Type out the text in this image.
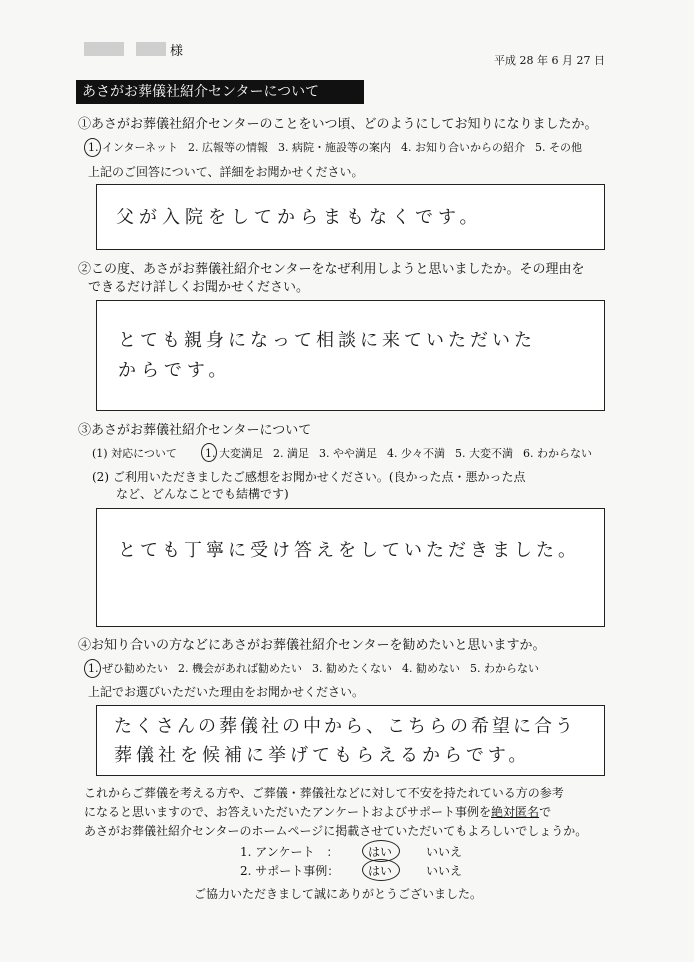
様
平成 28 年 6 月 27 日
あさがお葬儀社紹介センターについて
①あさがお葬儀社紹介センターのことをいつ頃、どのようにしてお知りになりましたか。
1. インターネット 2. 広報等の情報 3. 病院・施設等の案内 4. お知り合いからの紹介 5. その他
上記のご回答について、詳細をお聞かせください。
父が入院をしてからまもなくです。
②この度、あさがお葬儀社紹介センターをなぜ利用しようと思いましたか。その理由を
できるだけ詳しくお聞かせください。
とても親身になって相談に来ていただいた
からです。
③あさがお葬儀社紹介センターについて
(1) 対応について	1. 大変満足 2. 満足 3. やや満足 4. 少々不満 5. 大変不満 6. わからない
(2) ご利用いただきましたご感想をお聞かせください。(良かった点・悪かった点
など、どんなことでも結構です)
とても丁寧に受け答えをしていただきました。
④お知り合いの方などにあさがお葬儀社紹介センターを勧めたいと思いますか。
1. ぜひ勧めたい 2. 機会があれば勧めたい 3. 勧めたくない 4. 勧めない 5. わからない
上記でお選びいただいた理由をお聞かせください。
たくさんの葬儀社の中から、こちらの希望に合う
葬儀社を候補に挙げてもらえるからです。
これからご葬儀を考える方や、ご葬儀・葬儀社などに対して不安を持たれている方の参考
になると思いますので、お答えいただいたアンケートおよびサポート事例を絶対匿名で
あさがお葬儀社紹介センターのホームページに掲載させていただいてもよろしいでしょうか。
1. アンケート　： はい	いいえ
2. サポート事例： はい	いいえ
ご協力いただきまして誠にありがとうございました。
